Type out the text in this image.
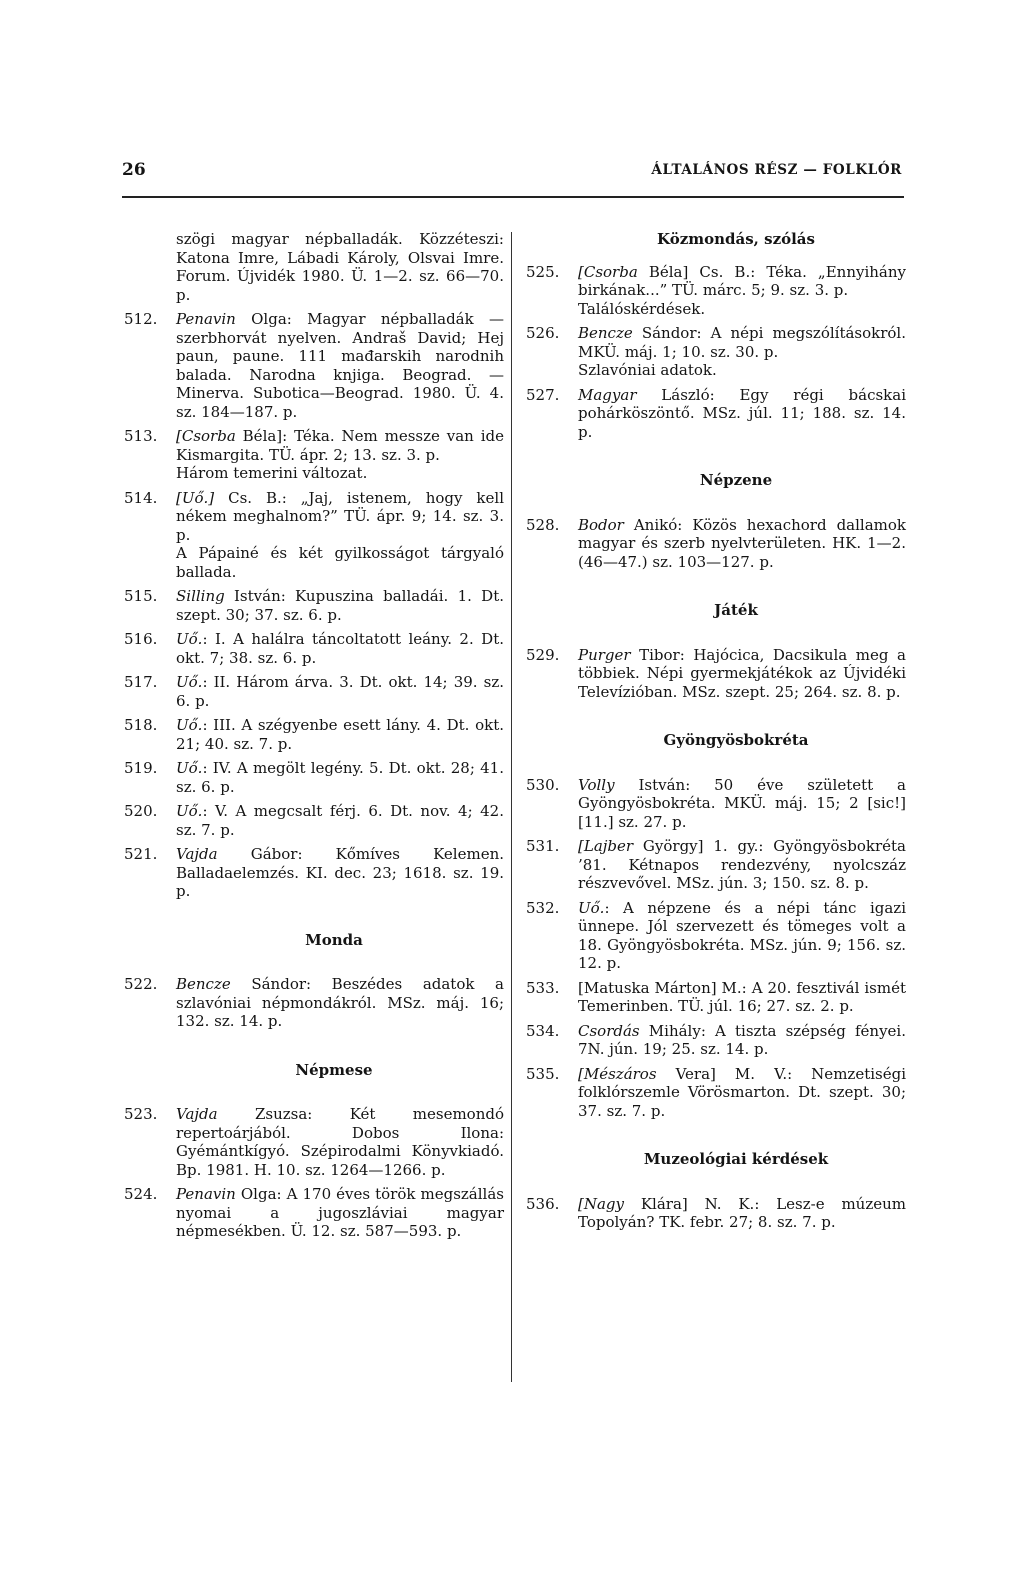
26	ÁLTALÁNOS RÉSZ — FOLKLÓR
szögi magyar népballadák. Közzéteszi: Katona Imre, Lábadi Károly, Olsvai Imre. Forum. Újvidék 1980. Ü. 1—2. sz. 66—70. p.
512.	Penavin Olga: Magyar népballadák — szerbhorvát nyelven. Andraš David; Hej paun, paune. 111 mađarskih narodnih balada. Narodna knjiga. Beograd. — Minerva. Subotica—Beograd. 1980. Ü. 4. sz. 184—187. p.
513.	[Csorba Béla]: Téka. Nem messze van ide Kismargita. TÜ. ápr. 2; 13. sz. 3. p.
Három temerini változat.
514.	[Uő.] Cs. B.: „Jaj, istenem, hogy kell nékem meghalnom?” TÜ. ápr. 9; 14. sz. 3. p.
A Pápainé és két gyilkosságot tárgyaló ballada.
515.	Silling István: Kupuszina balladái. 1. Dt. szept. 30; 37. sz. 6. p.
516.	Uő.: I. A halálra táncoltatott leány. 2. Dt. okt. 7; 38. sz. 6. p.
517.	Uő.: II. Három árva. 3. Dt. okt. 14; 39. sz. 6. p.
518.	Uő.: III. A szégyenbe esett lány. 4. Dt. okt. 21; 40. sz. 7. p.
519.	Uő.: IV. A megölt legény. 5. Dt. okt. 28; 41. sz. 6. p.
520.	Uő.: V. A megcsalt férj. 6. Dt. nov. 4; 42. sz. 7. p.
521.	Vajda Gábor: Kőmíves Kelemen. Balladaelemzés. KI. dec. 23; 1618. sz. 19. p.
Monda
522.	Bencze Sándor: Beszédes adatok a szlavóniai népmondákról. MSz. máj. 16; 132. sz. 14. p.
Népmese
523.	Vajda Zsuzsa: Két mesemondó repertoárjából. Dobos Ilona: Gyémántkígyó. Szépirodalmi Könyvkiadó. Bp. 1981. H. 10. sz. 1264—1266. p.
524.	Penavin Olga: A 170 éves török megszállás nyomai a jugoszláviai magyar népmesékben. Ü. 12. sz. 587—593. p.
Közmondás, szólás
525.	[Csorba Béla] Cs. B.: Téka. „Ennyihány birkának...” TÜ. márc. 5; 9. sz. 3. p.
Találóskérdések.
526.	Bencze Sándor: A népi megszólításokról. MKÜ. máj. 1; 10. sz. 30. p.
Szlavóniai adatok.
527.	Magyar László: Egy régi bácskai pohárköszöntő. MSz. júl. 11; 188. sz. 14. p.
Népzene
528.	Bodor Anikó: Közös hexachord dallamok magyar és szerb nyelvterületen. HK. 1—2. (46—47.) sz. 103—127. p.
Játék
529.	Purger Tibor: Hajócica, Dacsikula meg a többiek. Népi gyermekjátékok az Újvidéki Televízióban. MSz. szept. 25; 264. sz. 8. p.
Gyöngyösbokréta
530.	Volly István: 50 éve született a Gyöngyösbokréta. MKÜ. máj. 15; 2 [sic!] [11.] sz. 27. p.
531.	[Lajber György] 1. gy.: Gyöngyösbokréta ’81. Kétnapos rendezvény, nyolcszáz részvevővel. MSz. jún. 3; 150. sz. 8. p.
532.	Uő.: A népzene és a népi tánc igazi ünnepe. Jól szervezett és tömeges volt a 18. Gyöngyösbokréta. MSz. jún. 9; 156. sz. 12. p.
533.	[Matuska Márton] M.: A 20. fesztivál ismét Temerinben. TÜ. júl. 16; 27. sz. 2. p.
534.	Csordás Mihály: A tiszta szépség fényei. 7N. jún. 19; 25. sz. 14. p.
535.	[Mészáros Vera] M. V.: Nemzetiségi folklórszemle Vörösmarton. Dt. szept. 30; 37. sz. 7. p.
Muzeológiai kérdések
536.	[Nagy Klára] N. K.: Lesz-e múzeum Topolyán? TK. febr. 27; 8. sz. 7. p.
